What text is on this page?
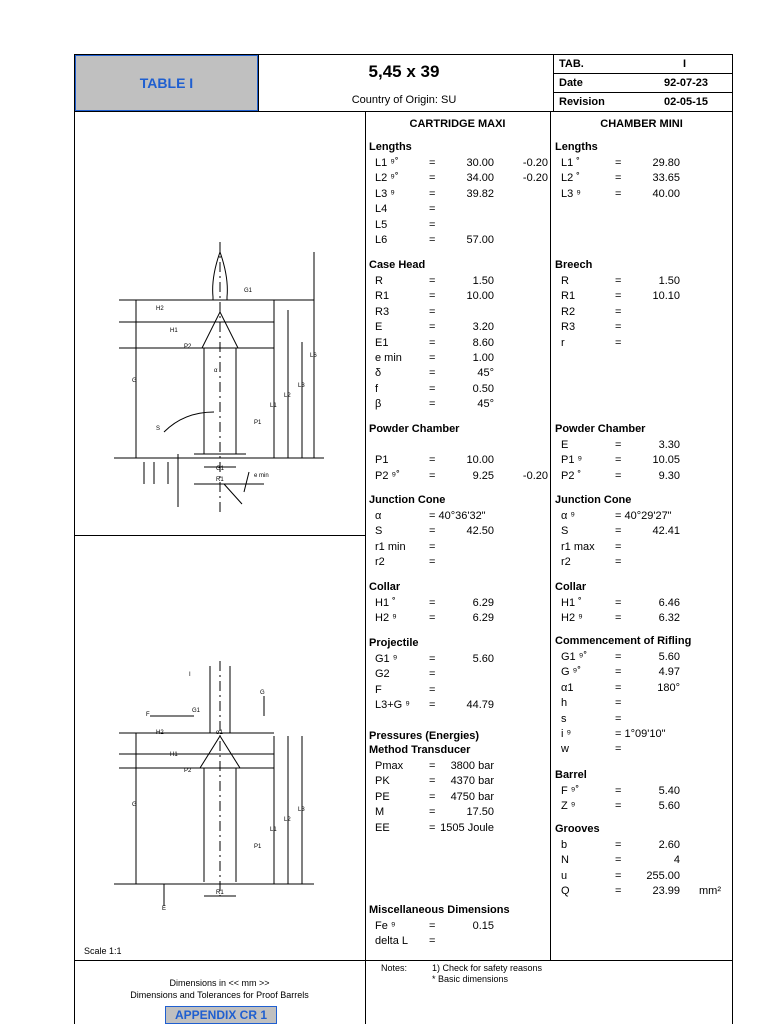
TABLE I
5,45 x 39
Country of Origin: SU
TAB.	I
Date	92-07-23
Revision	02-05-15
CARTRIDGE MAXI	CHAMBER MINI
Lengths
L1 ⁹˚	=	30.00	-0.20
L2 ⁹˚	=	34.00	-0.20
L3 ⁹	=	39.82
L4	=
L5	=
L6	=	57.00
Case Head
R	=	1.50
R1	=	10.00
R3	=
E	=	3.20
E1	=	8.60
e min =	1.00
δ	=	45°
f	=	0.50
β	=	45°
Powder Chamber
P1	=	10.00
P2 ⁹˚	=	9.25	-0.20
Junction Cone
α	= 40°36'32"
S	=	42.50
r1 min =
r2	=
Collar
H1 ˚	=	6.29
H2 ⁹	=	6.29
Projectile
G1 ⁹	=	5.60
G2	=
F	=
L3+G ⁹ =	44.79
Pressures (Energies)
Method Transducer
Pmax = 3800 bar
PK	= 4370 bar
PE	= 4750 bar
M	=	17.50
EE	= 1505 Joule
Miscellaneous Dimensions
Fe ⁹	=	0.15
delta L =
Lengths
L1 ˚	=	29.80
L2 ˚	=	33.65
L3 ⁹	=	40.00
Breech
R	=	1.50
R1	=	10.10
R2	=
R3	=
r	=
Powder Chamber
E	=	3.30
P1 ⁹	=	10.05
P2 ˚	=	9.30
Junction Cone
α ⁹	= 40°29'27"
S	=	42.41
r1 max =
r2	=
Collar
H1 ˚	=	6.46
H2 ⁹	=	6.32
Commencement of Rifling
G1 ⁹˚	=	5.60
G ⁹˚	=	4.97
α1	=	180°
h	=
s	=
i ⁹	= 1°09'10"
w	=
Barrel
F ⁹˚	=	5.40
Z ⁹	=	5.60
Grooves
b	=	2.60
N	=	4
u	= 255.00
Q	=	23.99 mm²
H2
H1
P2
G
L6
L3
L2
L1
G1
P1
S
G1
R1
e min
α
F
G1
H2
H1
P2
G
L3
L2
L1
P1
R1
E
I
G
α1
Scale 1:1
Dimensions in << mm >>
Dimensions and Tolerances for Proof Barrels
APPENDIX CR 1
Notes:	1) Check for safety reasons
* Basic dimensions
